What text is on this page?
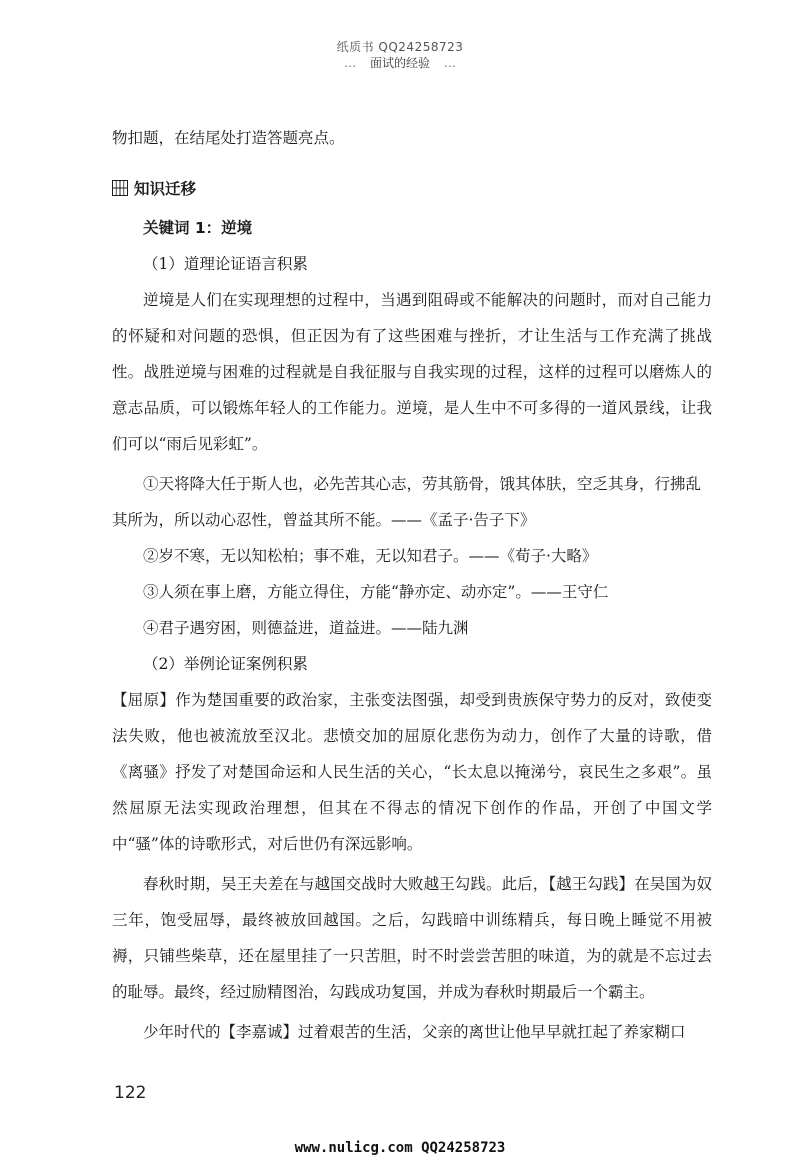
纸质书 QQ24258723
… 面试的经验 …

物扣题，在结尾处打造答题亮点。

知识迁移

关键词 1：逆境

（1）道理论证语言积累

逆境是人们在实现理想的过程中，当遇到阻碍或不能解决的问题时，而对自己能力的怀疑和对问题的恐惧，但正因为有了这些困难与挫折，才让生活与工作充满了挑战性。战胜逆境与困难的过程就是自我征服与自我实现的过程，这样的过程可以磨炼人的意志品质，可以锻炼年轻人的工作能力。逆境，是人生中不可多得的一道风景线，让我们可以“雨后见彩虹”。

①天将降大任于斯人也，必先苦其心志，劳其筋骨，饿其体肤，空乏其身，行拂乱其所为，所以动心忍性，曾益其所不能。——《孟子·告子下》

②岁不寒，无以知松柏；事不难，无以知君子。——《荀子·大略》

③人须在事上磨，方能立得住，方能“静亦定、动亦定”。——王守仁

④君子遇穷困，则德益进，道益进。——陆九渊

（2）举例论证案例积累

【屈原】作为楚国重要的政治家，主张变法图强，却受到贵族保守势力的反对，致使变法失败，他也被流放至汉北。悲愤交加的屈原化悲伤为动力，创作了大量的诗歌，借《离骚》抒发了对楚国命运和人民生活的关心，“长太息以掩涕兮，哀民生之多艰”。虽然屈原无法实现政治理想，但其在不得志的情况下创作的作品，开创了中国文学中“骚”体的诗歌形式，对后世仍有深远影响。

春秋时期，吴王夫差在与越国交战时大败越王勾践。此后，【越王勾践】在吴国为奴三年，饱受屈辱，最终被放回越国。之后，勾践暗中训练精兵，每日晚上睡觉不用被褥，只铺些柴草，还在屋里挂了一只苦胆，时不时尝尝苦胆的味道，为的就是不忘过去的耻辱。最终，经过励精图治，勾践成功复国，并成为春秋时期最后一个霸主。

少年时代的【李嘉诚】过着艰苦的生活，父亲的离世让他早早就扛起了养家糊口

122
www.nulicg.com QQ24258723
